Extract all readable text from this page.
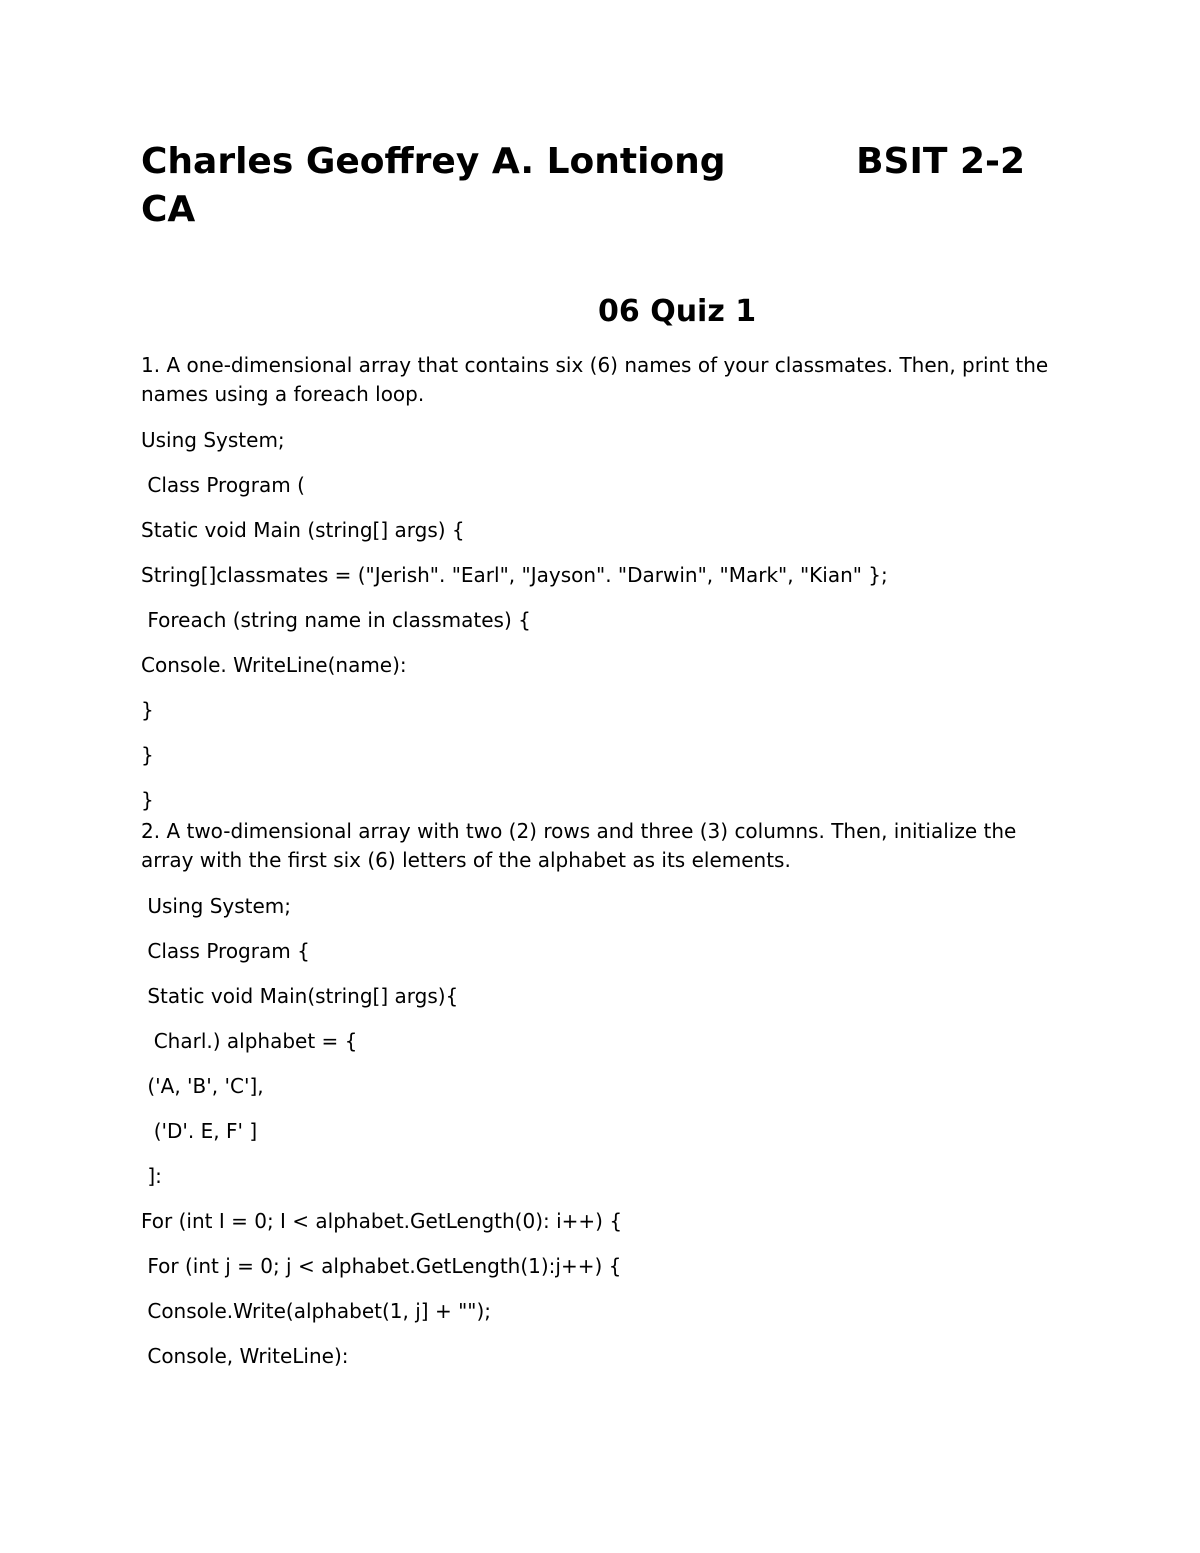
Charles Geoffrey A. Lontiong	BSIT 2-2
CA
06 Quiz 1

1. A one-dimensional array that contains six (6) names of your classmates. Then, print the names using a foreach loop.

Using System;
Class Program (
Static void Main (string[] args) {
String[]classmates = ("Jerish". "Earl", "Jayson". "Darwin", "Mark", "Kian" };
Foreach (string name in classmates) {
Console. WriteLine(name):
}
}
}

2. A two-dimensional array with two (2) rows and three (3) columns. Then, initialize the array with the first six (6) letters of the alphabet as its elements.

Using System;
Class Program {
Static void Main(string[] args){
Charl.) alphabet = {
('A, 'B', 'C'],
('D'. E, F' ]
]:
For (int I = 0; I < alphabet.GetLength(0): i++) {
For (int j = 0; j < alphabet.GetLength(1):j++) {
Console.Write(alphabet(1, j] + "");
Console, WriteLine):
